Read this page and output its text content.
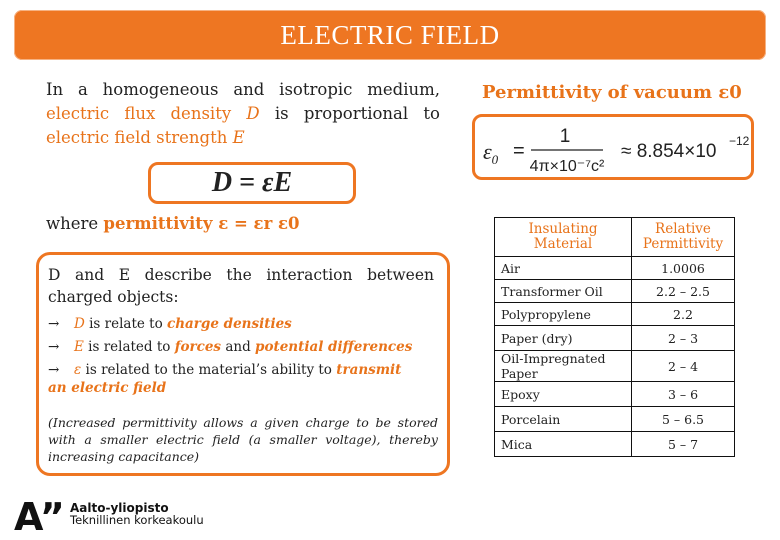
ELECTRIC FIELD
In a homogeneous and isotropic medium, electric flux density D is proportional to electric field strength E
D = εE
where permittivity ε = εr ε0
D and E describe the interaction between charged objects:
→ D is relate to charge densities
→ E is related to forces and potential differences
→ ε is related to the material’s ability to transmit an electric field
(Increased permittivity allows a given charge to be stored with a smaller electric field (a smaller voltage), thereby increasing capacitance)
Permittivity of vacuum ε0
$\varepsilon_0$ =
1
4π×10⁻⁷c²
≈ 8.854×10 −12
Insulating Material	Relative Permittivity
Air	1.0006
Transformer Oil	2.2 – 2.5
Polypropylene	2.2
Paper (dry)	2 – 3
Oil-Impregnated Paper	2 – 4
Epoxy	3 – 6
Porcelain	5 – 6.5
Mica	5 – 7
A” Aalto-yliopisto
Teknillinen korkeakoulu
